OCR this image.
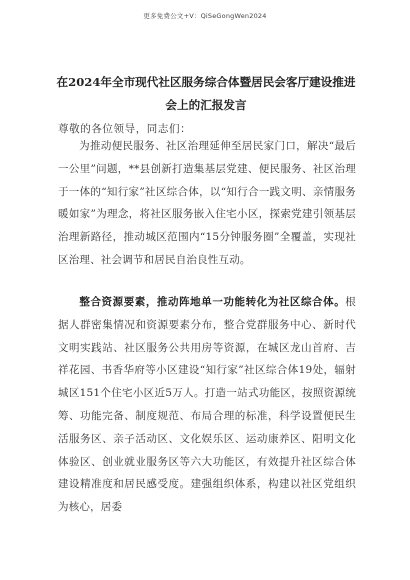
更多免费公文+V：QiSeGongWen2024
在2024年全市现代社区服务综合体暨居民会客厅建设推进
会上的汇报发言
尊敬的各位领导，同志们：
为推动便民服务、社区治理延伸至居民家门口，解决“最后一公里”问题，**县创新打造集基层党建、便民服务、社区治理于一体的“知行家”社区综合体，以“知行合一践文明、亲情服务暖如家”为理念，将社区服务嵌入住宅小区，探索党建引领基层治理新路径，推动城区范围内“15分钟服务圈”全覆盖，实现社区治理、社会调节和居民自治良性互动。
整合资源要素，推动阵地单一功能转化为社区综合体。根据人群密集情况和资源要素分布，整合党群服务中心、新时代文明实践站、社区服务公共用房等资源，在城区龙山首府、吉祥花园、书香华府等小区建设“知行家”社区综合体19处，辐射城区151个住宅小区近5万人。打造一站式功能区，按照资源统筹、功能完备、制度规范、布局合理的标准，科学设置便民生活服务区、亲子活动区、文化娱乐区、运动康养区、阳明文化体验区、创业就业服务区等六大功能区，有效提升社区综合体建设精准度和居民感受度。建强组织体系，构建以社区党组织为核心，居委
